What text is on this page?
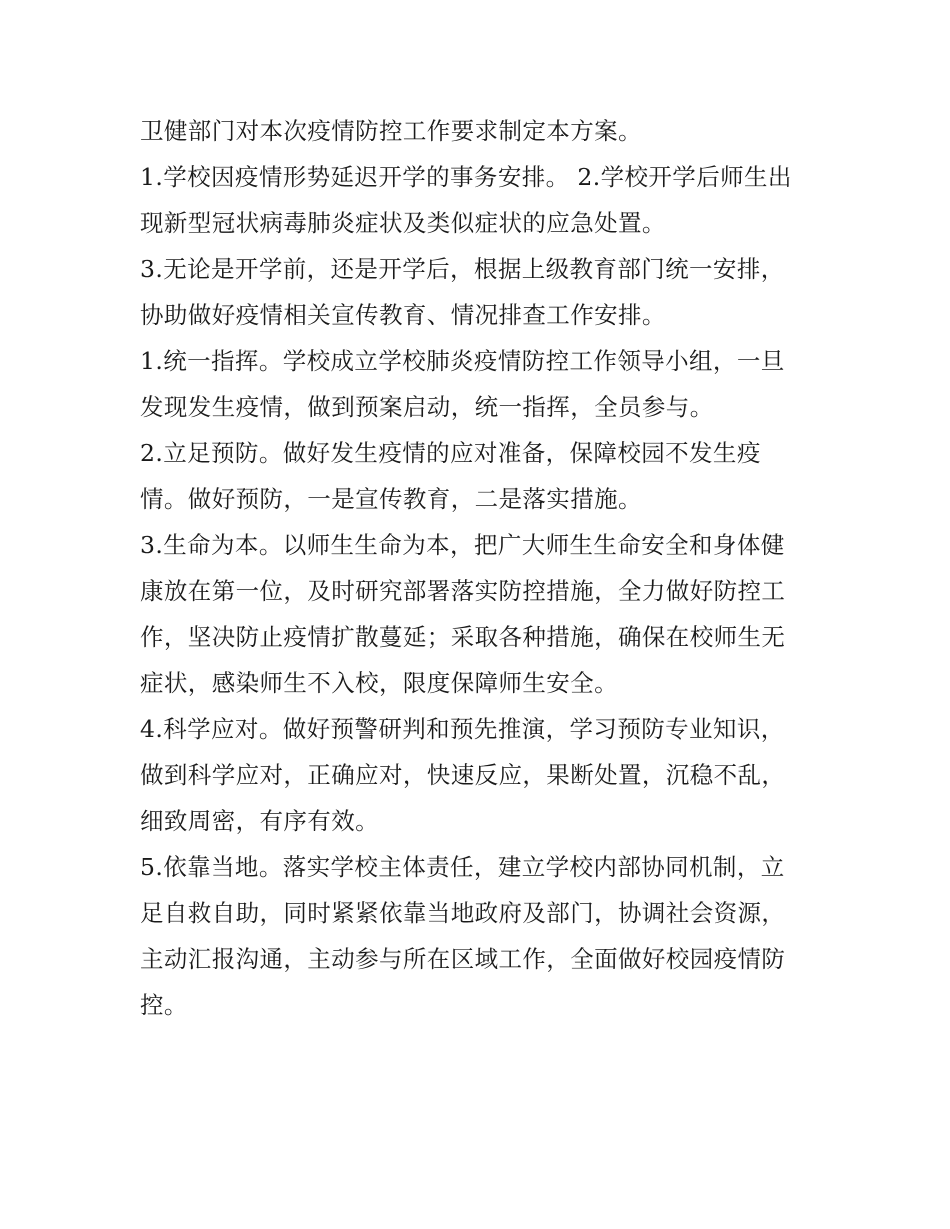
卫健部门对本次疫情防控工作要求制定本方案。
1.学校因疫情形势延迟开学的事务安排。 2.学校开学后师生出
现新型冠状病毒肺炎症状及类似症状的应急处置。
3.无论是开学前，还是开学后，根据上级教育部门统一安排，
协助做好疫情相关宣传教育、情况排查工作安排。
1.统一指挥。学校成立学校肺炎疫情防控工作领导小组，一旦
发现发生疫情，做到预案启动，统一指挥，全员参与。
2.立足预防。做好发生疫情的应对准备，保障校园不发生疫
情。做好预防，一是宣传教育，二是落实措施。
3.生命为本。以师生生命为本，把广大师生生命安全和身体健
康放在第一位，及时研究部署落实防控措施，全力做好防控工
作，坚决防止疫情扩散蔓延；采取各种措施，确保在校师生无
症状，感染师生不入校，限度保障师生安全。
4.科学应对。做好预警研判和预先推演，学习预防专业知识，
做到科学应对，正确应对，快速反应，果断处置，沉稳不乱，
细致周密，有序有效。
5.依靠当地。落实学校主体责任，建立学校内部协同机制，立
足自救自助，同时紧紧依靠当地政府及部门，协调社会资源，
主动汇报沟通，主动参与所在区域工作，全面做好校园疫情防
控。
